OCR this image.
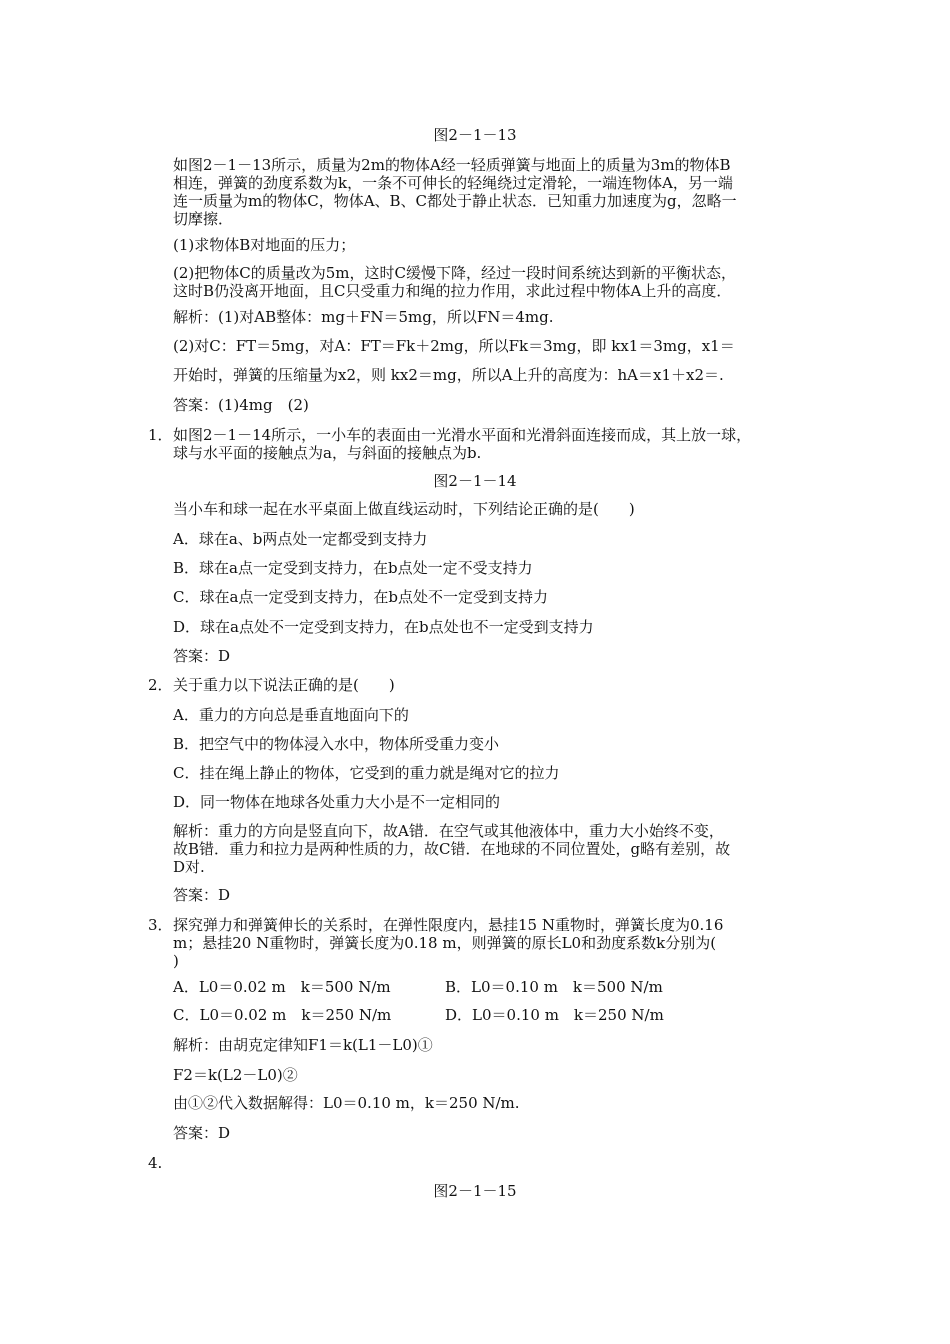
图2－1－13
如图2－1－13所示，质量为2m的物体A经一轻质弹簧与地面上的质量为3m的物体B
相连，弹簧的劲度系数为k，一条不可伸长的轻绳绕过定滑轮，一端连物体A，另一端
连一质量为m的物体C，物体A、B、C都处于静止状态．已知重力加速度为g，忽略一
切摩擦．
(1)求物体B对地面的压力；
(2)把物体C的质量改为5m，这时C缓慢下降，经过一段时间系统达到新的平衡状态，
这时B仍没离开地面，且C只受重力和绳的拉力作用，求此过程中物体A上升的高度．
解析：(1)对AB整体：mg＋FN＝5mg，所以FN＝4mg.
(2)对C：FT＝5mg，对A：FT＝Fk＋2mg，所以Fk＝3mg，即 kx1＝3mg，x1＝
开始时，弹簧的压缩量为x2，则 kx2＝mg，所以A上升的高度为：hA＝x1＋x2＝.
答案：(1)4mg　(2)
1． 如图2－1－14所示，一小车的表面由一光滑水平面和光滑斜面连接而成，其上放一球，
球与水平面的接触点为a，与斜面的接触点为b.
图2－1－14
当小车和球一起在水平桌面上做直线运动时，下列结论正确的是(　　)
A．球在a、b两点处一定都受到支持力
B．球在a点一定受到支持力，在b点处一定不受支持力
C．球在a点一定受到支持力，在b点处不一定受到支持力
D．球在a点处不一定受到支持力，在b点处也不一定受到支持力
答案：D
2． 关于重力以下说法正确的是(　　)
A．重力的方向总是垂直地面向下的
B．把空气中的物体浸入水中，物体所受重力变小
C．挂在绳上静止的物体，它受到的重力就是绳对它的拉力
D．同一物体在地球各处重力大小是不一定相同的
解析：重力的方向是竖直向下，故A错．在空气或其他液体中，重力大小始终不变，
故B错．重力和拉力是两种性质的力，故C错．在地球的不同位置处，g略有差别，故
D对.
答案：D
3． 探究弹力和弹簧伸长的关系时，在弹性限度内，悬挂15 N重物时，弹簧长度为0.16
m；悬挂20 N重物时，弹簧长度为0.18 m，则弹簧的原长L0和劲度系数k分别为(
)
A．L0＝0.02 m　k＝500 N/m	B．L0＝0.10 m　k＝500 N/m
C．L0＝0.02 m　k＝250 N/m	D．L0＝0.10 m　k＝250 N/m
解析：由胡克定律知F1＝k(L1－L0)①
F2＝k(L2－L0)②
由①②代入数据解得：L0＝0.10 m，k＝250 N/m.
答案：D
4.
图2－1－15
